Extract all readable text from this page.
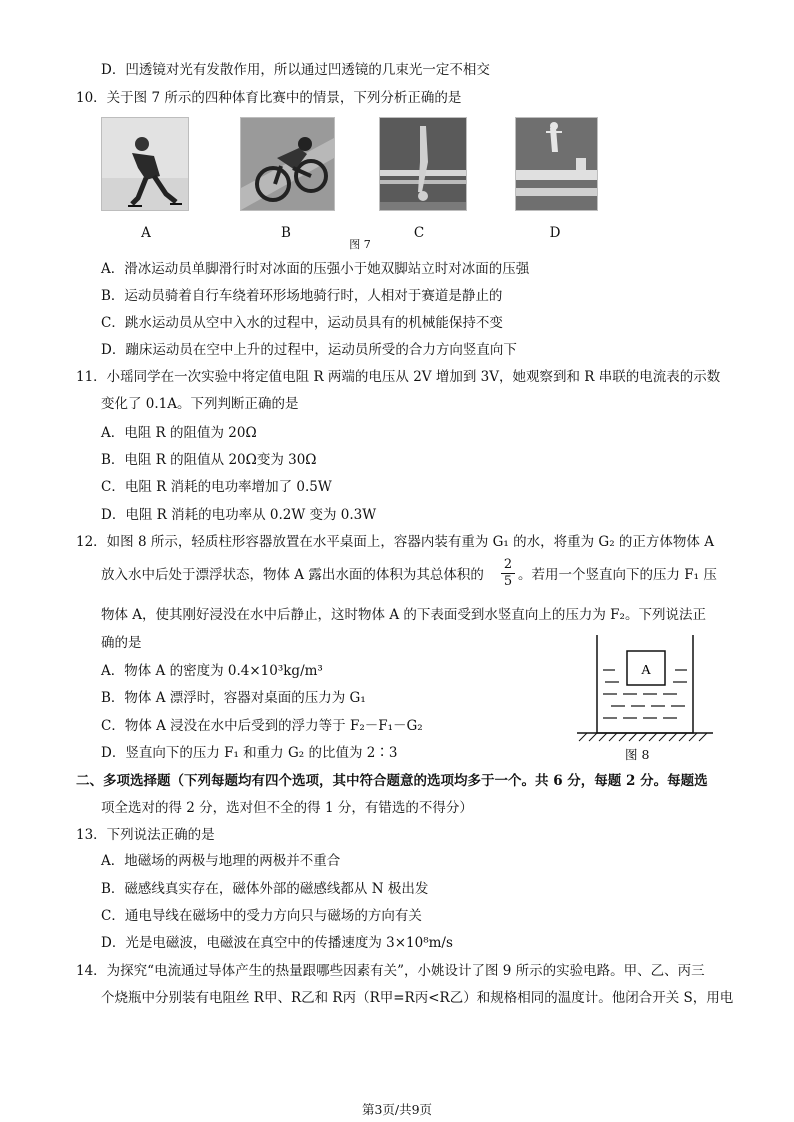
D．凹透镜对光有发散作用，所以通过凹透镜的几束光一定不相交
10．关于图 7 所示的四种体育比赛中的情景，下列分析正确的是
A	B	C	D
图 7
A．滑冰运动员单脚滑行时对冰面的压强小于她双脚站立时对冰面的压强
B．运动员骑着自行车绕着环形场地骑行时，人相对于赛道是静止的
C．跳水运动员从空中入水的过程中，运动员具有的机械能保持不变
D．蹦床运动员在空中上升的过程中，运动员所受的合力方向竖直向下
11．小瑶同学在一次实验中将定值电阻 R 两端的电压从 2V 增加到 3V，她观察到和 R 串联的电流表的示数
变化了 0.1A。下列判断正确的是
A．电阻 R 的阻值为 20Ω
B．电阻 R 的阻值从 20Ω变为 30Ω
C．电阻 R 消耗的电功率增加了 0.5W
D．电阻 R 消耗的电功率从 0.2W 变为 0.3W
12．如图 8 所示，轻质柱形容器放置在水平桌面上，容器内装有重为 G₁ 的水，将重为 G₂ 的正方体物体 A
放入水中后处于漂浮状态，物体 A 露出水面的体积为其总体积的
2
5 。若用一个竖直向下的压力 F₁ 压
物体 A，使其刚好浸没在水中后静止，这时物体 A 的下表面受到水竖直向上的压力为 F₂。下列说法正
确的是
A．物体 A 的密度为 0.4×10³kg/m³
B．物体 A 漂浮时，容器对桌面的压力为 G₁
C．物体 A 浸没在水中后受到的浮力等于 F₂－F₁－G₂
D．竖直向下的压力 F₁ 和重力 G₂ 的比值为 2∶3
A
图 8
二、多项选择题（下列每题均有四个选项，其中符合题意的选项均多于一个。共 6 分，每题 2 分。每题选
项全选对的得 2 分，选对但不全的得 1 分，有错选的不得分）
13．下列说法正确的是
A．地磁场的两极与地理的两极并不重合
B．磁感线真实存在，磁体外部的磁感线都从 N 极出发
C．通电导线在磁场中的受力方向只与磁场的方向有关
D．光是电磁波，电磁波在真空中的传播速度为 3×10⁸m/s
14．为探究“电流通过导体产生的热量跟哪些因素有关”，小姚设计了图 9 所示的实验电路。甲、乙、丙三
个烧瓶中分别装有电阻丝 R甲、R乙和 R丙（R甲=R丙<R乙）和规格相同的温度计。他闭合开关 S，用电
第3页/共9页
